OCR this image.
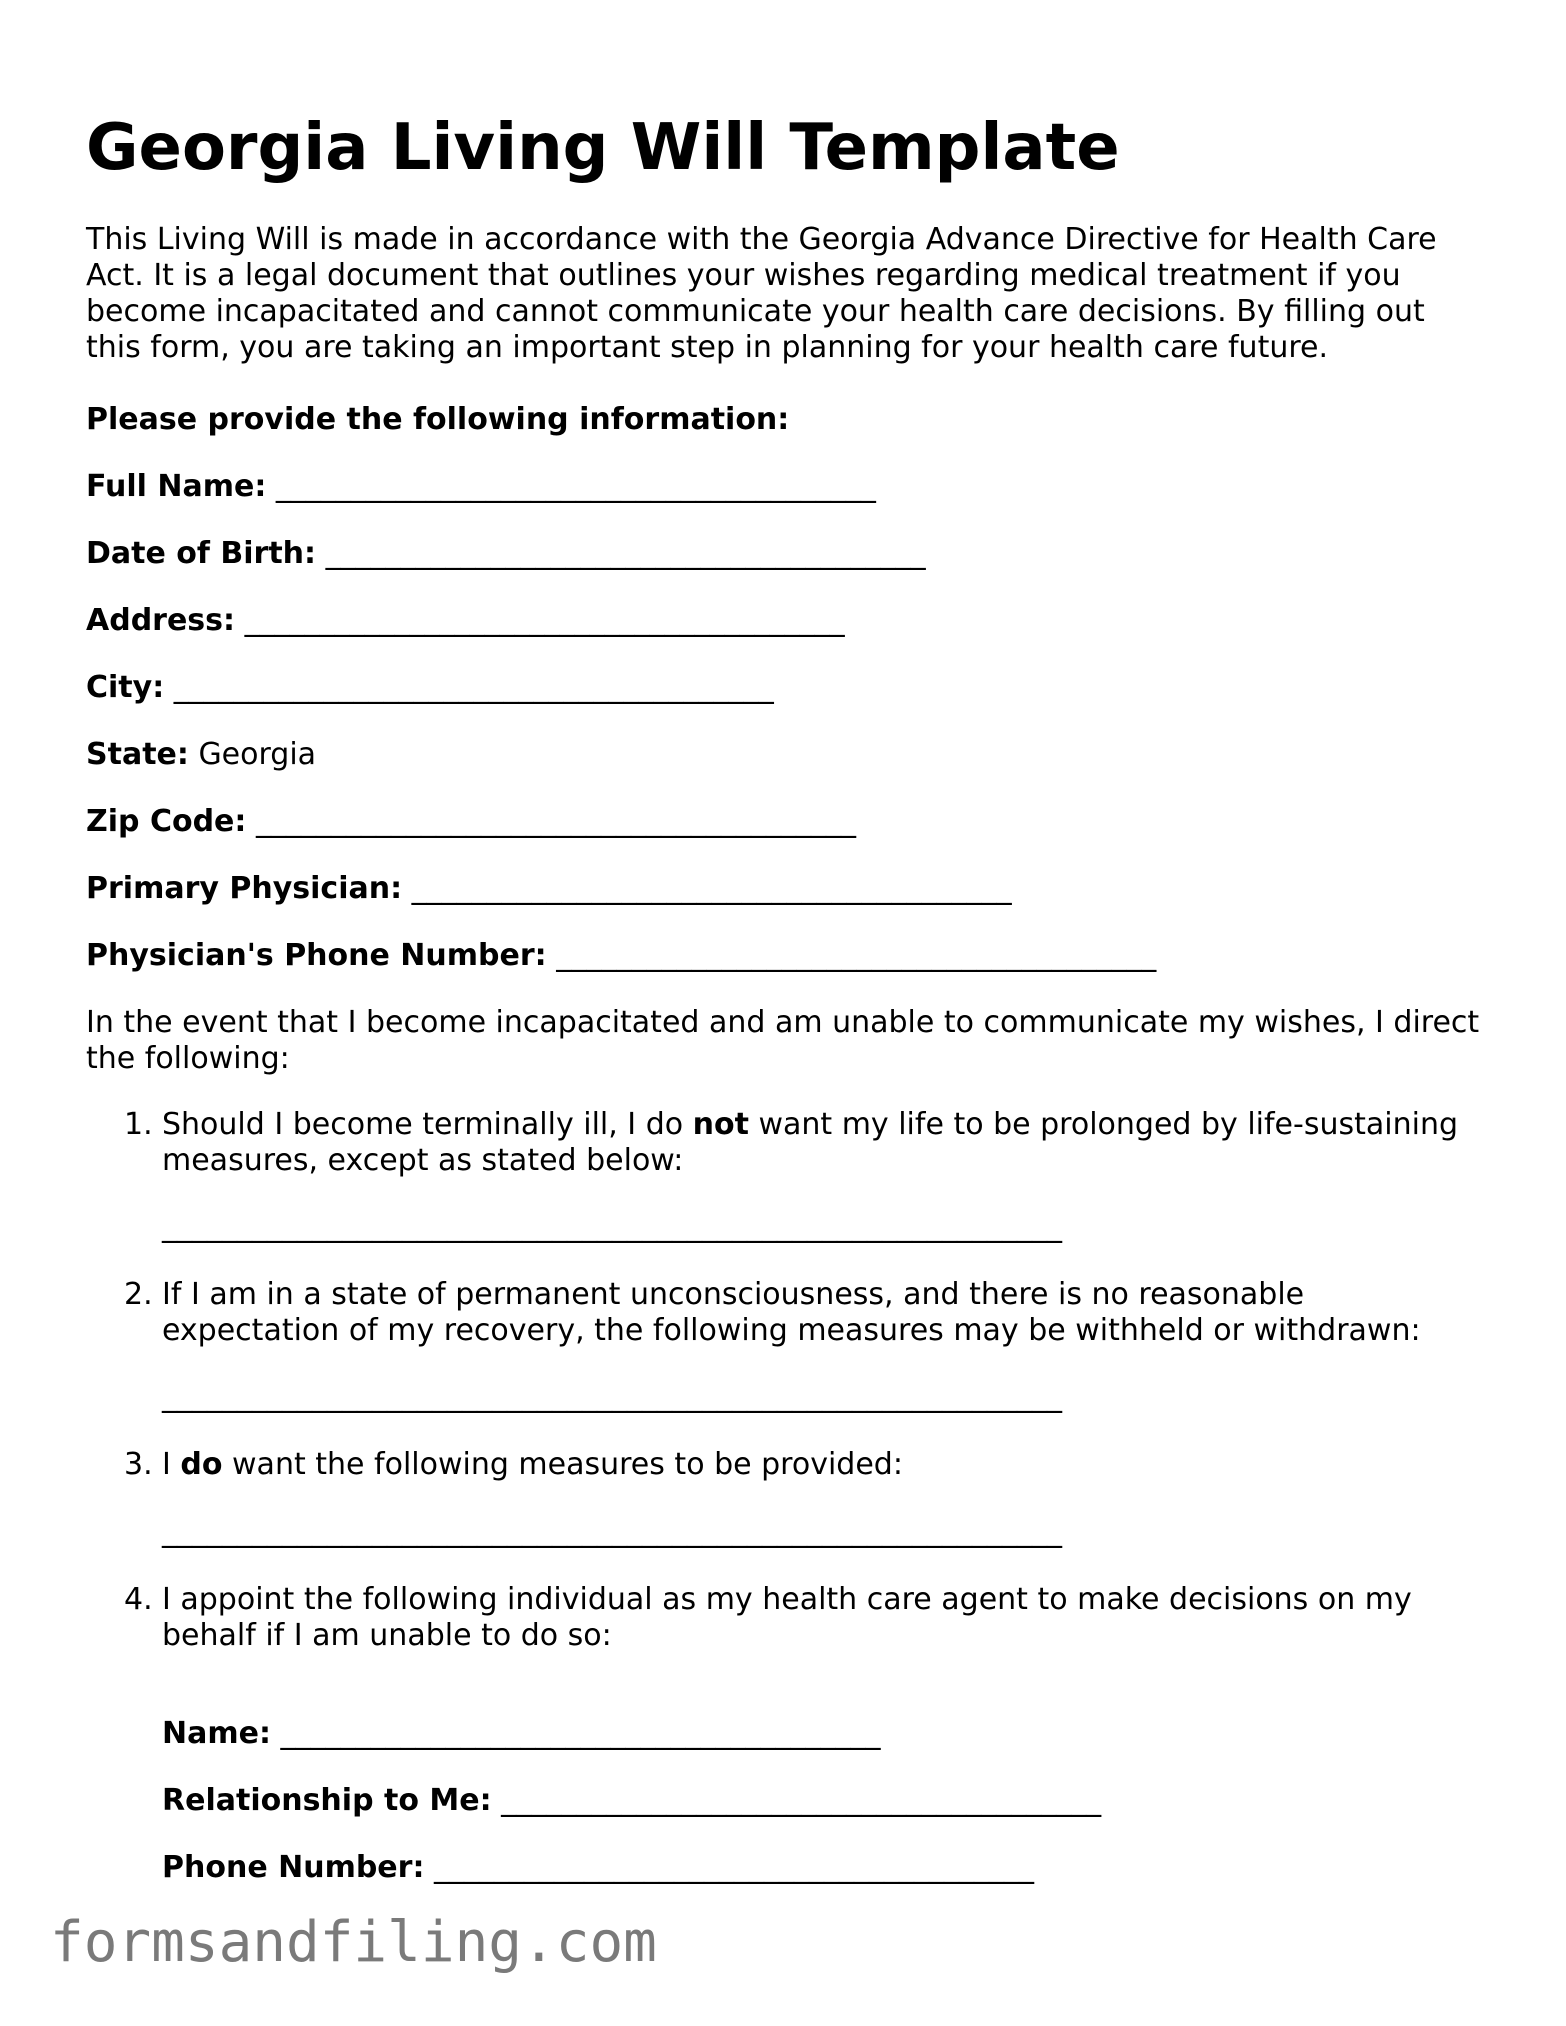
Georgia Living Will Template

This Living Will is made in accordance with the Georgia Advance Directive for Health Care Act. It is a legal document that outlines your wishes regarding medical treatment if you become incapacitated and cannot communicate your health care decisions. By filling out this form, you are taking an important step in planning for your health care future.

Please provide the following information:
Full Name: ________________________________________
Date of Birth: ________________________________________
Address: ________________________________________
City: ________________________________________
State: Georgia
Zip Code: ________________________________________
Primary Physician: ________________________________________
Physician's Phone Number: ________________________________________

In the event that I become incapacitated and am unable to communicate my wishes, I direct the following:

1. Should I become terminally ill, I do not want my life to be prolonged by life-sustaining measures, except as stated below:
____________________________________________________________
2. If I am in a state of permanent unconsciousness, and there is no reasonable expectation of my recovery, the following measures may be withheld or withdrawn:
____________________________________________________________
3. I do want the following measures to be provided:
____________________________________________________________
4. I appoint the following individual as my health care agent to make decisions on my behalf if I am unable to do so:
Name: ________________________________________
Relationship to Me: ________________________________________
Phone Number: ________________________________________
formsandfiling.com
